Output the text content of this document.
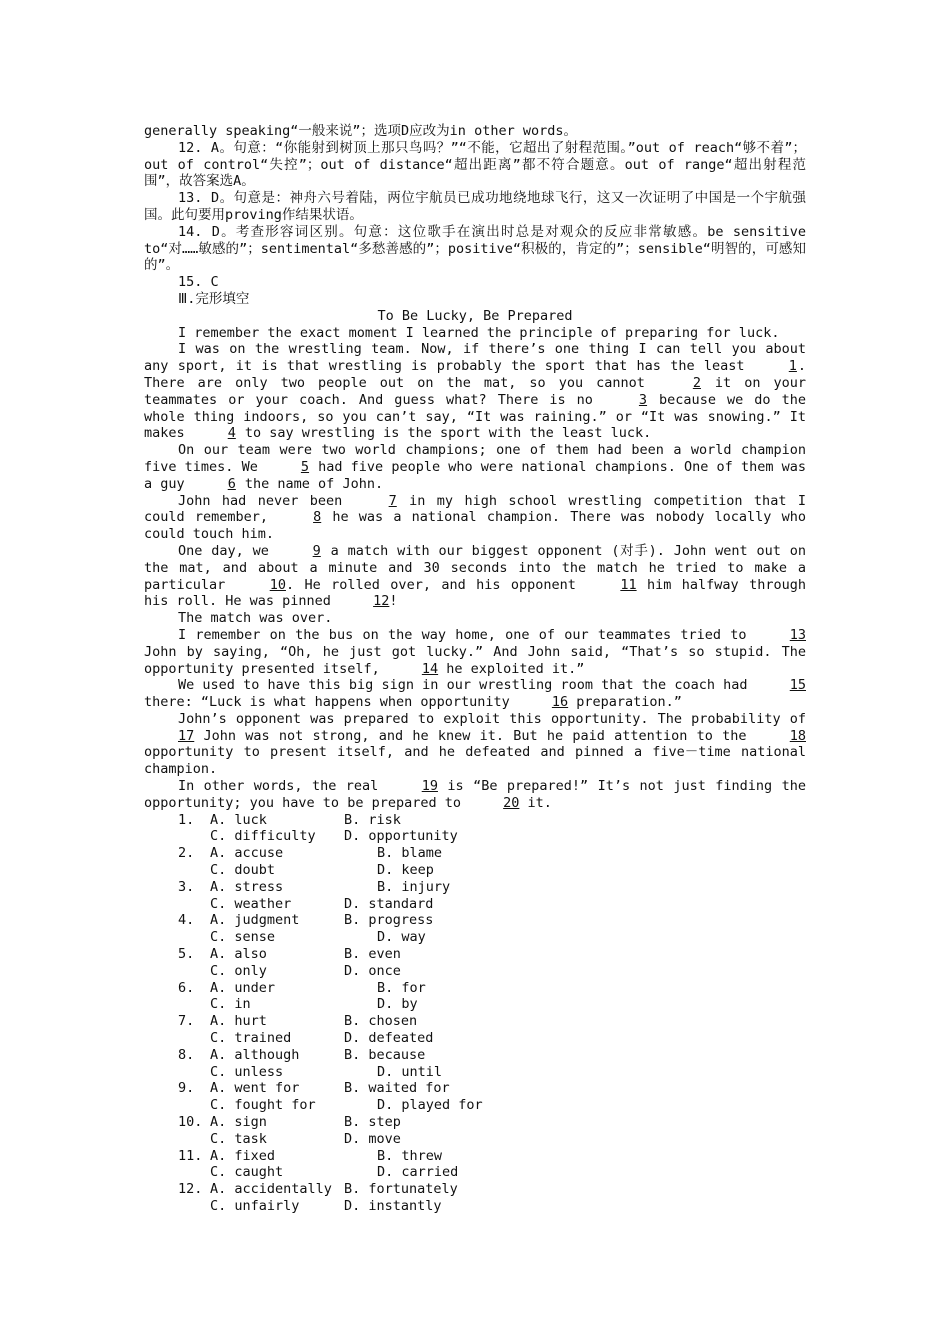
generally speaking“一般来说”；选项D应改为in other words。

12. A。句意：“你能射到树顶上那只鸟吗？”“不能，它超出了射程范围。”out of reach“够不着”；out of control“失控”；out of distance“超出距离”都不符合题意。out of range“超出射程范围”，故答案选A。

13. D。句意是：神舟六号着陆，两位宇航员已成功地绕地球飞行，这又一次证明了中国是一个宇航强国。此句要用proving作结果状语。

14. D。考查形容词区别。句意：这位歌手在演出时总是对观众的反应非常敏感。be sensitive to“对……敏感的”；sentimental“多愁善感的”；positive“积极的，肯定的”；sensible“明智的，可感知的”。

15. C

Ⅲ.完形填空

To Be Lucky, Be Prepared

I remember the exact moment I learned the principle of preparing for luck.

I was on the wrestling team. Now, if there’s one thing I can tell you about any sport, it is that wrestling is probably the sport that has the least	1. There are only two people out on the mat, so you cannot	2 it on your teammates or your coach. And guess what? There is no	3 because we do the whole thing indoors, so you can’t say, “It was raining.” or “It was snowing.” It makes	4 to say wrestling is the sport with the least luck.

On our team were two world champions; one of them had been a world champion five times. We	5 had five people who were national champions. One of them was a guy	6 the name of John.

John had never been	7 in my high school wrestling competition that I could remember,	8 he was a national champion. There was nobody locally who could touch him.

One day, we	9 a match with our biggest opponent (对手). John went out on the mat, and about a minute and 30 seconds into the match he tried to make a particular	10. He rolled over, and his opponent	11 him halfway through his roll. He was pinned	12!

The match was over.

I remember on the bus on the way home, one of our teammates tried to	13 John by saying, “Oh, he just got lucky.” And John said, “That’s so stupid. The opportunity presented itself,	14 he exploited it.”

We used to have this big sign in our wrestling room that the coach had	15 there: “Luck is what happens when opportunity	16 preparation.”

John’s opponent was prepared to exploit this opportunity. The probability of 17 John was not strong, and he knew it. But he paid attention to the	18 opportunity to present itself, and he defeated and pinned a five－time national champion.

In other words, the real	19 is “Be prepared!” It’s not just finding the opportunity; you have to be prepared to	20 it.

1. A. luck	B. risk
C. difficulty D. opportunity
2. A. accuse	B. blame
C. doubt	D. keep
3. A. stress	B. injury
C. weather	D. standard
4. A. judgment	B. progress
C. sense	D. way
5. A. also	B. even
C. only	D. once
6. A. under	B. for
C. in	D. by
7. A. hurt	B. chosen
C. trained	D. defeated
8. A. although	B. because
C. unless	D. until
9. A. went for	B. waited for
C. fought for	D. played for
10. A. sign	B. step
C. task	D. move
11. A. fixed	B. threw
C. caught	D. carried
12. A. accidentally B. fortunately
C. unfairly	D. instantly
